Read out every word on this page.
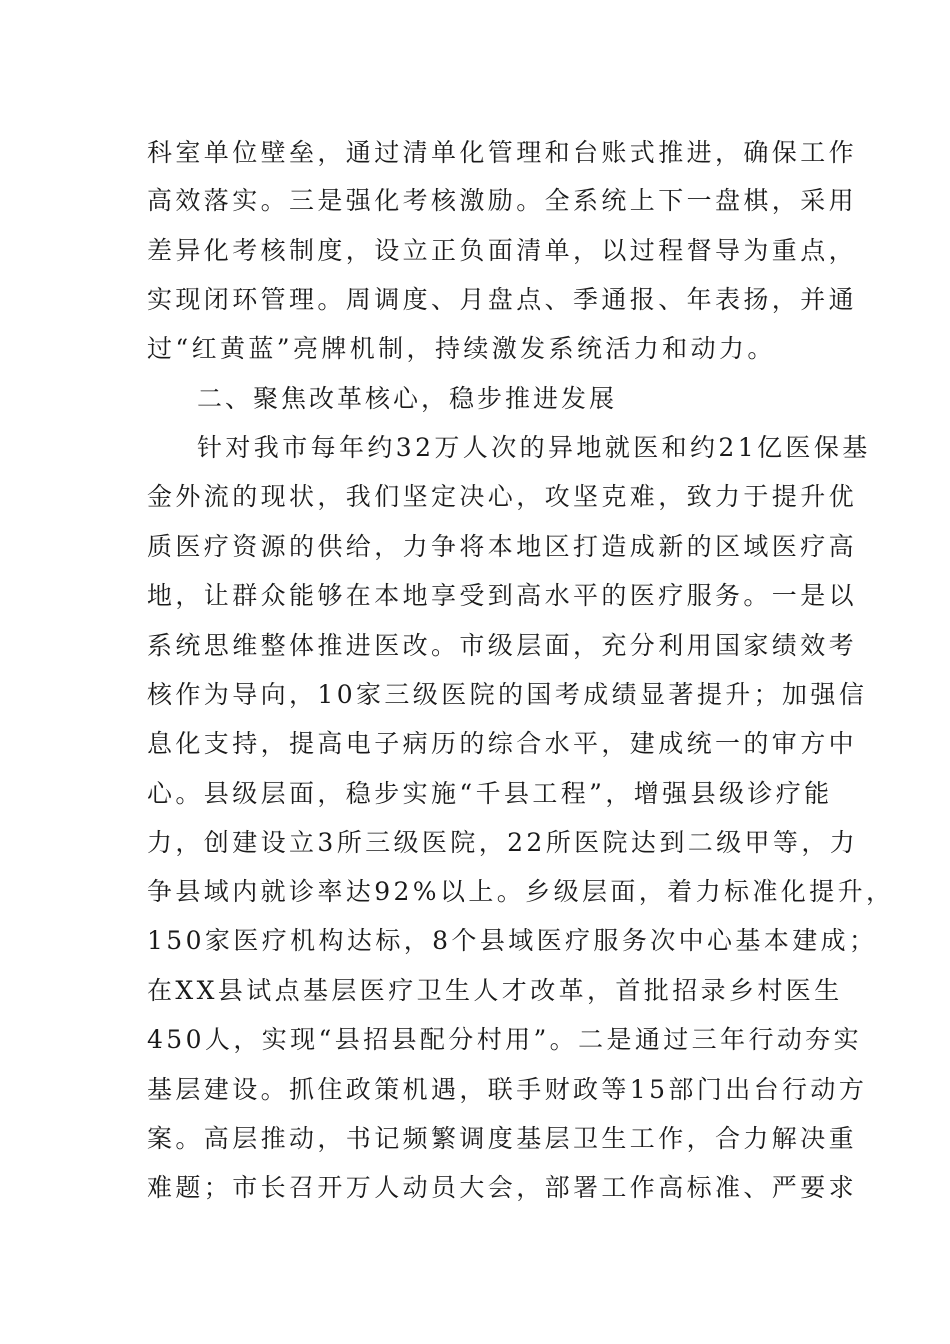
科室单位壁垒，通过清单化管理和台账式推进，确保工作
高效落实。三是强化考核激励。全系统上下一盘棋，采用
差异化考核制度，设立正负面清单，以过程督导为重点，
实现闭环管理。周调度、月盘点、季通报、年表扬，并通
过“红黄蓝”亮牌机制，持续激发系统活力和动力。
二、聚焦改革核心，稳步推进发展
针对我市每年约32万人次的异地就医和约21亿医保基
金外流的现状，我们坚定决心，攻坚克难，致力于提升优
质医疗资源的供给，力争将本地区打造成新的区域医疗高
地，让群众能够在本地享受到高水平的医疗服务。一是以
系统思维整体推进医改。市级层面，充分利用国家绩效考
核作为导向，10家三级医院的国考成绩显著提升；加强信
息化支持，提高电子病历的综合水平，建成统一的审方中
心。县级层面，稳步实施“千县工程”，增强县级诊疗能
力，创建设立3所三级医院，22所医院达到二级甲等，力
争县域内就诊率达92%以上。乡级层面，着力标准化提升，
150家医疗机构达标，8个县域医疗服务次中心基本建成；
在XX县试点基层医疗卫生人才改革，首批招录乡村医生
450人，实现“县招县配分村用”。二是通过三年行动夯实
基层建设。抓住政策机遇，联手财政等15部门出台行动方
案。高层推动，书记频繁调度基层卫生工作，合力解决重
难题；市长召开万人动员大会，部署工作高标准、严要求
